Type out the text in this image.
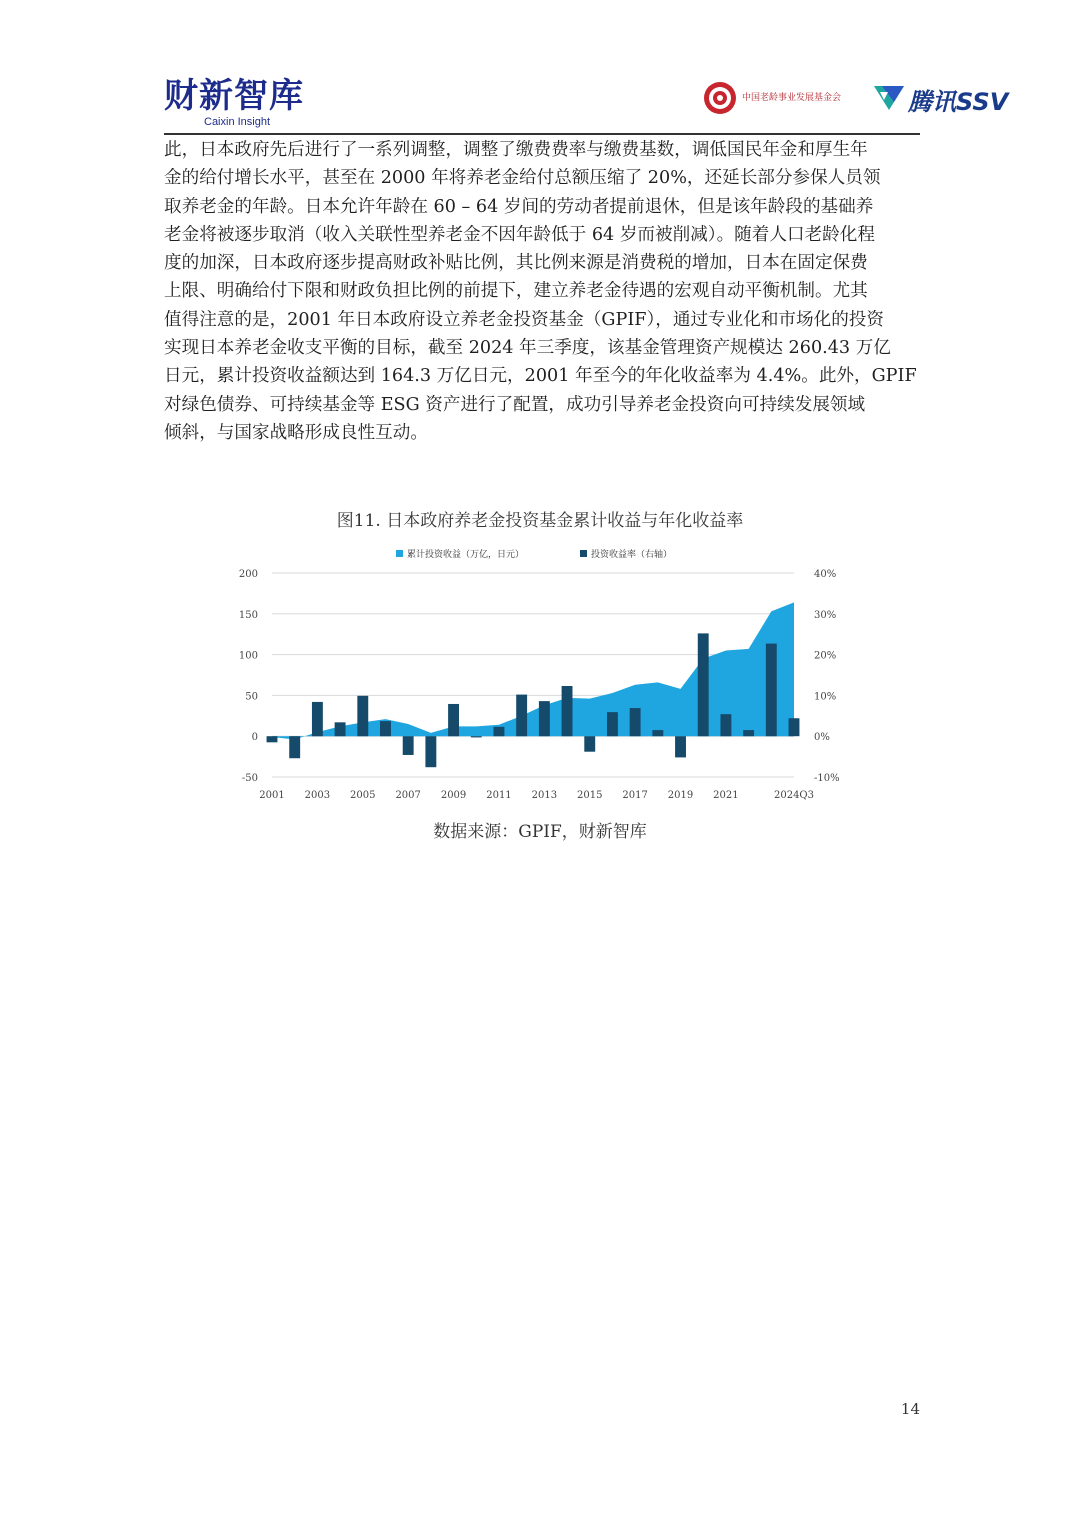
财新智库
Caixin Insight
中国老龄事业发展基金会	腾讯SSV
此，日本政府先后进行了一系列调整，调整了缴费费率与缴费基数，调低国民年金和厚生年
金的给付增长水平，甚至在 2000 年将养老金给付总额压缩了 20%，还延长部分参保人员领
取养老金的年龄。日本允许年龄在 60 – 64 岁间的劳动者提前退休，但是该年龄段的基础养
老金将被逐步取消（收入关联性型养老金不因年龄低于 64 岁而被削减）。随着人口老龄化程
度的加深，日本政府逐步提高财政补贴比例，其比例来源是消费税的增加，日本在固定保费
上限、明确给付下限和财政负担比例的前提下，建立养老金待遇的宏观自动平衡机制。尤其
值得注意的是，2001 年日本政府设立养老金投资基金（GPIF），通过专业化和市场化的投资
实现日本养老金收支平衡的目标，截至 2024 年三季度，该基金管理资产规模达 260.43 万亿
日元，累计投资收益额达到 164.3 万亿日元，2001 年至今的年化收益率为 4.4%。此外，GPIF
对绿色债券、可持续基金等 ESG 资产进行了配置，成功引导养老金投资向可持续发展领域
倾斜，与国家战略形成良性互动。
图11. 日本政府养老金投资基金累计收益与年化收益率
-50
0
50
100
150
200
-10%
0%
10%
20%
30%
40%
2001 2003 2005 2007 2009 2011 2013 2015 2017 2019 2021	2024Q3
累计投资收益（万亿，日元）	投资收益率（右轴）
数据来源：GPIF，财新智库
14
